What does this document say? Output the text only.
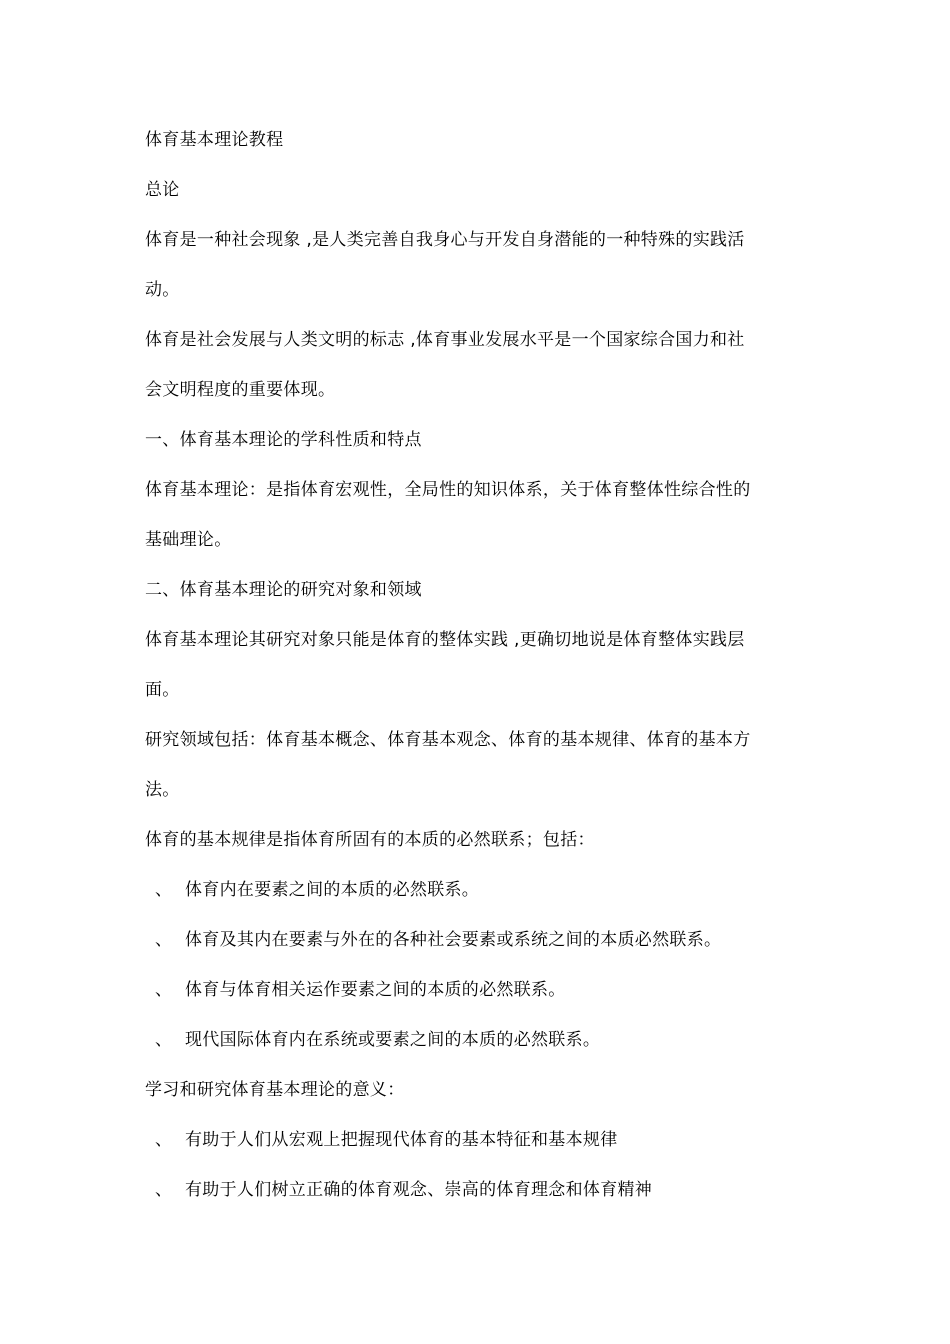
体育基本理论教程
总论
体育是一种社会现象 ,是人类完善自我身心与开发自身潜能的一种特殊的实践活
动。
体育是社会发展与人类文明的标志 ,体育事业发展水平是一个国家综合国力和社
会文明程度的重要体现。
一、体育基本理论的学科性质和特点
体育基本理论：是指体育宏观性，全局性的知识体系，关于体育整体性综合性的
基础理论。
二、体育基本理论的研究对象和领域
体育基本理论其研究对象只能是体育的整体实践 ,更确切地说是体育整体实践层
面。
研究领域包括：体育基本概念、体育基本观念、体育的基本规律、体育的基本方
法。
体育的基本规律是指体育所固有的本质的必然联系；包括：
、 体育内在要素之间的本质的必然联系。
、 体育及其内在要素与外在的各种社会要素或系统之间的本质必然联系。
、 体育与体育相关运作要素之间的本质的必然联系。
、 现代国际体育内在系统或要素之间的本质的必然联系。
学习和研究体育基本理论的意义：
、 有助于人们从宏观上把握现代体育的基本特征和基本规律
、 有助于人们树立正确的体育观念、崇高的体育理念和体育精神
